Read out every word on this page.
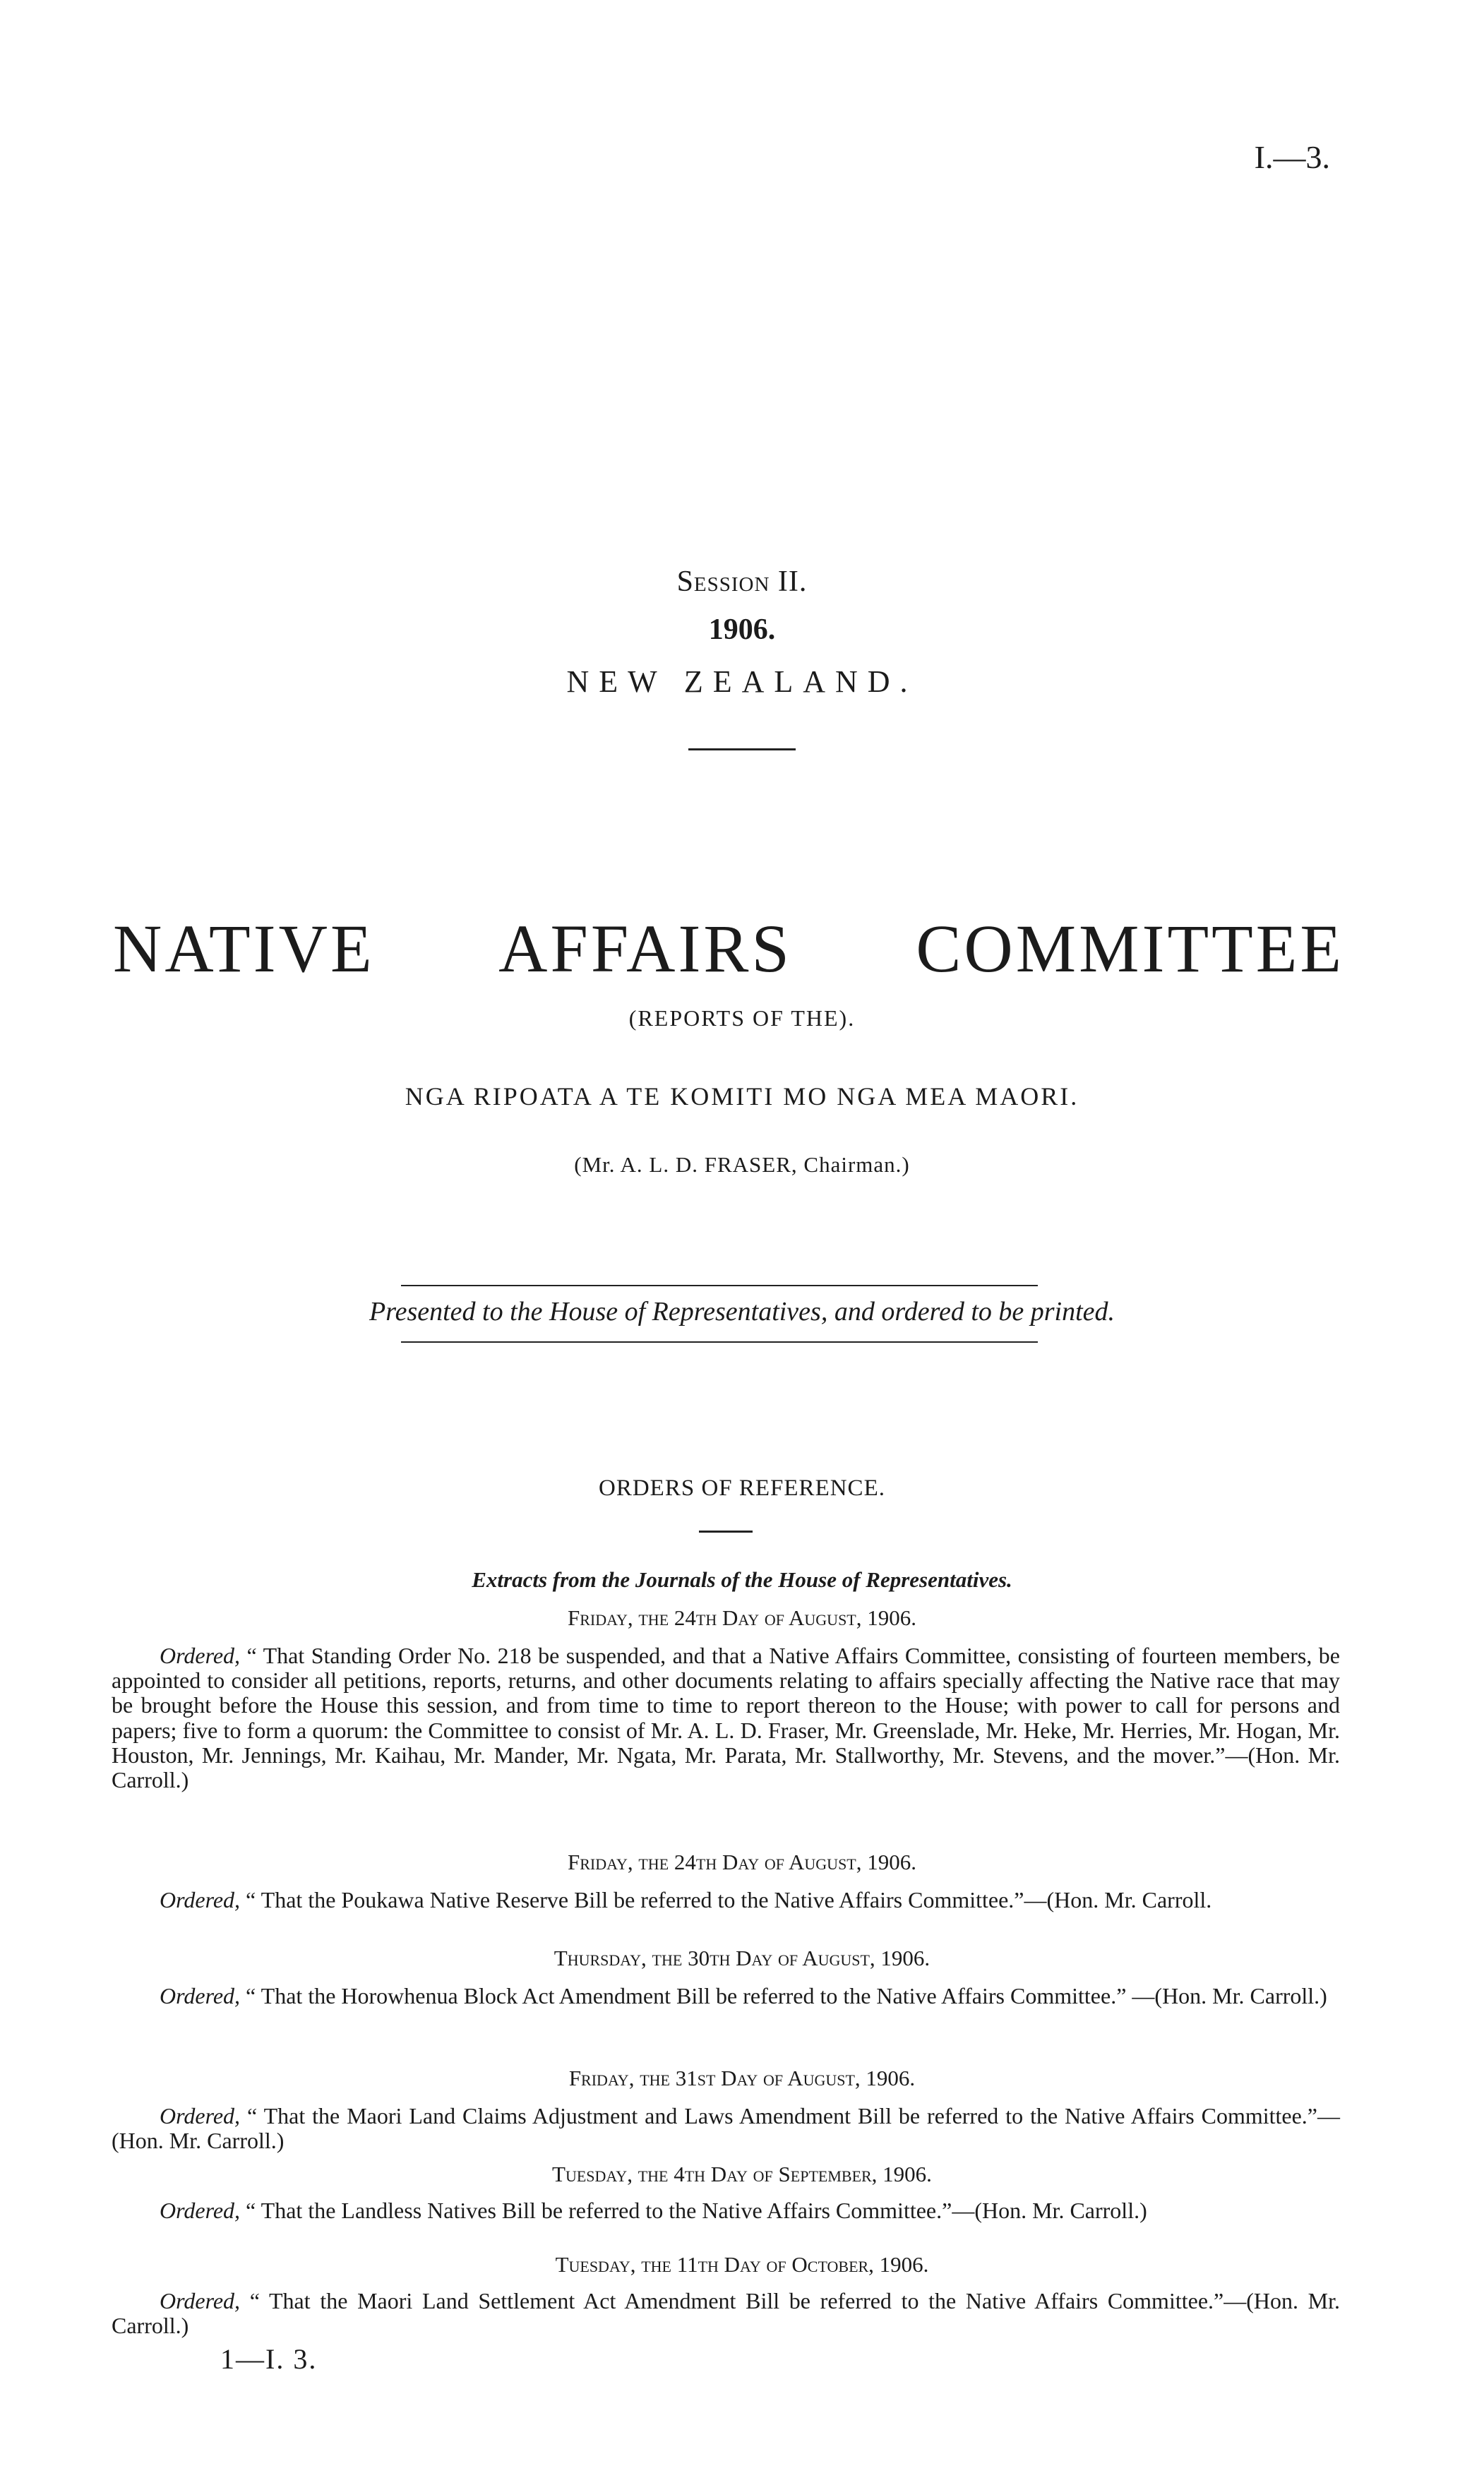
I.—3.
Session II.
1906.
NEW ZEALAND.
NATIVE AFFAIRS COMMITTEE
(REPORTS OF THE).
NGA RIPOATA A TE KOMITI MO NGA MEA MAORI.
(Mr. A. L. D. FRASER, Chairman.)
Presented to the House of Representatives, and ordered to be printed.
ORDERS OF REFERENCE.
Extracts from the Journals of the House of Representatives.
Friday, the 24th Day of August, 1906.
Ordered, “ That Standing Order No. 218 be suspended, and that a Native Affairs Committee, consisting of fourteen members, be appointed to consider all petitions, reports, returns, and other documents relating to affairs specially affecting the Native race that may be brought before the House this session, and from time to time to report thereon to the House; with power to call for persons and papers; five to form a quorum: the Committee to consist of Mr. A. L. D. Fraser, Mr. Greenslade, Mr. Heke, Mr. Herries, Mr. Hogan, Mr. Houston, Mr. Jennings, Mr. Kaihau, Mr. Mander, Mr. Ngata, Mr. Parata, Mr. Stallworthy, Mr. Stevens, and the mover.”—(Hon. Mr. Carroll.)
Friday, the 24th Day of August, 1906.
Ordered, “ That the Poukawa Native Reserve Bill be referred to the Native Affairs Committee.”—(Hon. Mr. Carroll.
Thursday, the 30th Day of August, 1906.
Ordered, “ That the Horowhenua Block Act Amendment Bill be referred to the Native Affairs Committee.” —(Hon. Mr. Carroll.)
Friday, the 31st Day of August, 1906.
Ordered, “ That the Maori Land Claims Adjustment and Laws Amendment Bill be referred to the Native Affairs Committee.”—(Hon. Mr. Carroll.)
Tuesday, the 4th Day of September, 1906.
Ordered, “ That the Landless Natives Bill be referred to the Native Affairs Committee.”—(Hon. Mr. Carroll.)
Tuesday, the 11th Day of October, 1906.
Ordered, “ That the Maori Land Settlement Act Amendment Bill be referred to the Native Affairs Committee.”—(Hon. Mr. Carroll.)
1—I. 3.
